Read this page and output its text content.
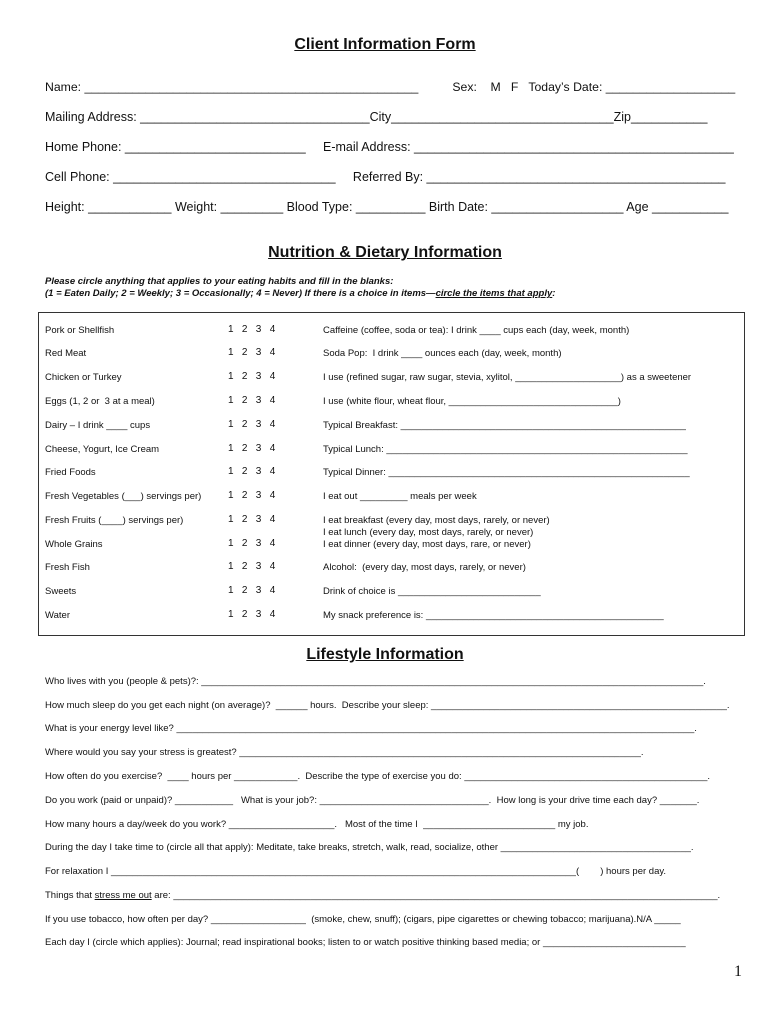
Client Information Form
Name: _________________________________________________          Sex:    M   F   Today’s Date: ___________________
Mailing Address: _________________________________City________________________________Zip___________
Home Phone: __________________________     E-mail Address: ______________________________________________
Cell Phone: ________________________________     Referred By: ___________________________________________
Height: ____________ Weight: _________ Blood Type: __________ Birth Date: ___________________ Age ___________
Nutrition & Dietary Information
Please circle anything that applies to your eating habits and fill in the blanks:
(1 = Eaten Daily; 2 = Weekly; 3 = Occasionally; 4 = Never) If there is a choice in items—circle the items that apply:
Pork or Shellfish
Red Meat
Chicken or Turkey
Eggs (1, 2 or  3 at a meal)
Dairy – I drink ____ cups
Cheese, Yogurt, Ice Cream
Fried Foods
Fresh Vegetables (___) servings per)
Fresh Fruits (____) servings per)
Whole Grains
Fresh Fish
Sweets
Water
1   2   3   4
1   2   3   4
1   2   3   4
1   2   3   4
1   2   3   4
1   2   3   4
1   2   3   4
1   2   3   4
1   2   3   4
1   2   3   4
1   2   3   4
1   2   3   4
1   2   3   4
Caffeine (coffee, soda or tea): I drink ____ cups each (day, week, month)
Soda Pop:  I drink ____ ounces each (day, week, month)
I use (refined sugar, raw sugar, stevia, xylitol, ____________________) as a sweetener
I use (white flour, wheat flour, ________________________________)
Typical Breakfast: ______________________________________________________
Typical Lunch: _________________________________________________________
Typical Dinner: _________________________________________________________
I eat out _________ meals per week
I eat breakfast (every day, most days, rarely, or never)
I eat lunch (every day, most days, rarely, or never)
I eat dinner (every day, most days, rare, or never)
Alcohol:  (every day, most days, rarely, or never)
Drink of choice is ___________________________
My snack preference is: _____________________________________________
Lifestyle Information
Who lives with you (people & pets)?: _______________________________________________________________________________________________.
How much sleep do you get each night (on average)?  ______ hours.  Describe your sleep: ________________________________________________________.
What is your energy level like? __________________________________________________________________________________________________.
Where would you say your stress is greatest? ____________________________________________________________________________.
How often do you exercise?  ____ hours per ____________.  Describe the type of exercise you do: ______________________________________________.
Do you work (paid or unpaid)? ___________   What is your job?: ________________________________.  How long is your drive time each day? _______.
How many hours a day/week do you work? ____________________.   Most of the time I  _________________________ my job.
During the day I take time to (circle all that apply): Meditate, take breaks, stretch, walk, read, socialize, other ____________________________________.
For relaxation I ________________________________________________________________________________________(        ) hours per day.
Things that stress me out are: _______________________________________________________________________________________________________.
If you use tobacco, how often per day? __________________  (smoke, chew, snuff); (cigars, pipe cigarettes or chewing tobacco; marijuana).N/A _____
Each day I (circle which applies): Journal; read inspirational books; listen to or watch positive thinking based media; or ___________________________
1
